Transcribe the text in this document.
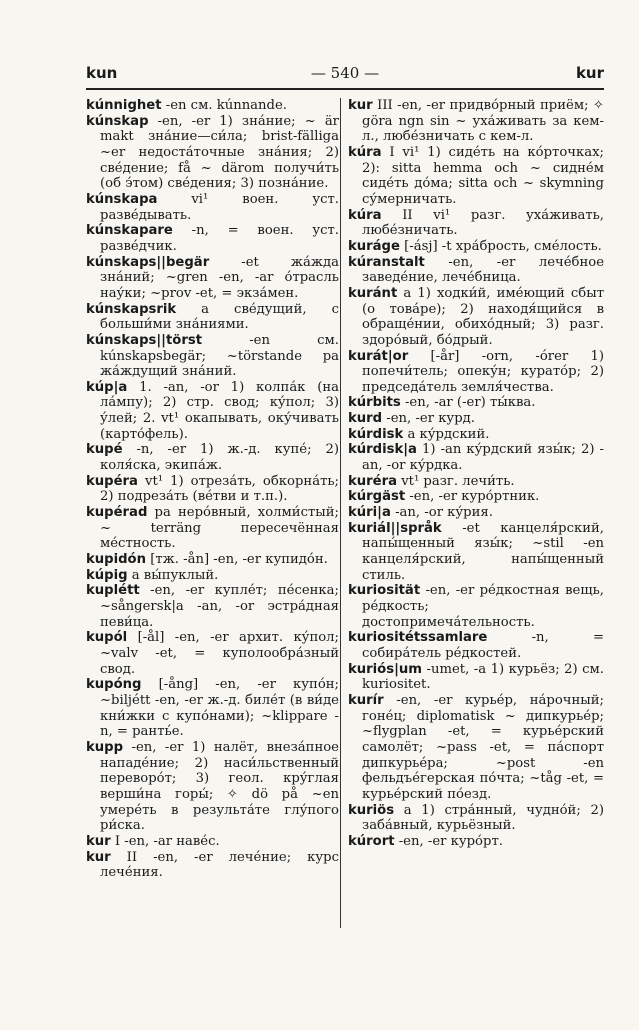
kun	— 540 —	kur

kúnnighet -en см. kúnnande.

kúnskap -en, -er 1) зна́ние; ~ är makt зна́ние—си́ла; brist-fälliga ~er недоста́точные зна́ния; 2) све́дение; få ~ därom получи́ть (об э́том) све́дения; 3) позна́ние.

kúnskapa vi¹ воен. уст. разве́дывать.

kúnskapare -n, = воен. уст. разве́дчик.

kúnskaps||begär -et жа́жда зна́ний; ~gren -en, -ar о́трасль нау́ки; ~prov -et, = экза́мен.

kúnskapsrik a све́дущий, с больши́ми зна́ниями.

kúnskaps||törst -en см. kúnskapsbegär; ~törstande pa жа́ждущий зна́ний.

kúp|a 1. -an, -or 1) колпа́к (на ла́мпу); 2) стр. свод; ку́пол; 3) у́лей; 2. vt¹ окапывать, оку́чивать (карто́фель).

kupé -n, -er 1) ж.-д. купе́; 2) коля́ска, экипа́ж.

kupéra vt¹ 1) отреза́ть, обкорна́ть; 2) подреза́ть (ве́тви и т.п.).

kupérad pa неро́вный, холми́стый; ~ terräng пересечённая ме́стность.

kupidón [тж. -ån] -en, -er купидо́н.

kúpig a вы́пуклый.

kuplétt -en, -er купле́т; пе́сенка; ~sångersk|a -an, -or эстра́дная певи́ца.

kupól [-ål] -en, -er архит. ку́пол; ~valv -et, = куполообра́зный свод.

kupóng [-ång] -en, -er купо́н; ~biljétt -en, -er ж.-д. биле́т (в ви́де кни́жки с купо́нами); ~klippare -n, = ранть́е.

kupp -en, -er 1) налёт, внеза́пное нападе́ние; 2) наси́льственный переворо́т; 3) геол. кру́глая верши́на горы́; ✧ dö på ~en умере́ть в результа́те глу́пого ри́ска.

kur I -en, -ar наве́с.

kur II -en, -er лече́ние; курс лече́ния.

kur III -en, -er придво́рный приём; ✧ göra ngn sin ~ уха́живать за кем-л., любе́зничать с кем-л.

kúra I vi¹ 1) сиде́ть на ко́рточках; 2): sitta hemma och ~ сидне́м сиде́ть до́ма; sitta och ~ skymning су́мерничать.

kúra II vi¹ разг. уха́живать, любе́зничать.

kuráge [-ásj] -t хра́брость, сме́лость.

kúranstalt -en, -er лече́бное заведе́ние, лече́бница.

kuránt a 1) ходки́й, име́ющий сбыт (о това́ре); 2) находя́щийся в обраще́нии, обихо́дный; 3) разг. здоро́вый, бо́дрый.

kurát|or [-år] -orn, -órer 1) попечи́тель; опеку́н; курато́р; 2) председа́тель земля́чества.

kúrbits -en, -ar (-er) ты́ква.

kurd -en, -er курд.

kúrdisk a ку́рдский.

kúrdisk|a 1) -an ку́рдский язы́к; 2) -an, -or ку́рдка.

kuréra vt¹ разг. лечи́ть.

kúrgäst -en, -er куро́ртник.

kúri|a -an, -or ку́рия.

kuriál||språk -et канцеля́рский, напы́щенный язы́к; ~stil -en канцеля́рский, напы́щенный стиль.

kuriosität -en, -er ре́дкостная вещь, ре́дкость; достопримеча́тельность.

kuriositétssamlare -n, = собира́тель ре́дкостей.

kuriós|um -umet, -a 1) курьёз; 2) см. kuriositet.

kurír -en, -er курье́р, на́рочный; гоне́ц; diplomatisk ~ дипкурье́р; ~flygplan -et, = курье́рский самолёт; ~pass -et, = па́спорт дипкурье́ра; ~post -en фельдъе́герская по́чта; ~tåg -et, = курье́рский по́езд.

kuriös a 1) стра́нный, чудно́й; 2) заба́вный, курьёзный.

kúrort -en, -er куро́рт.
